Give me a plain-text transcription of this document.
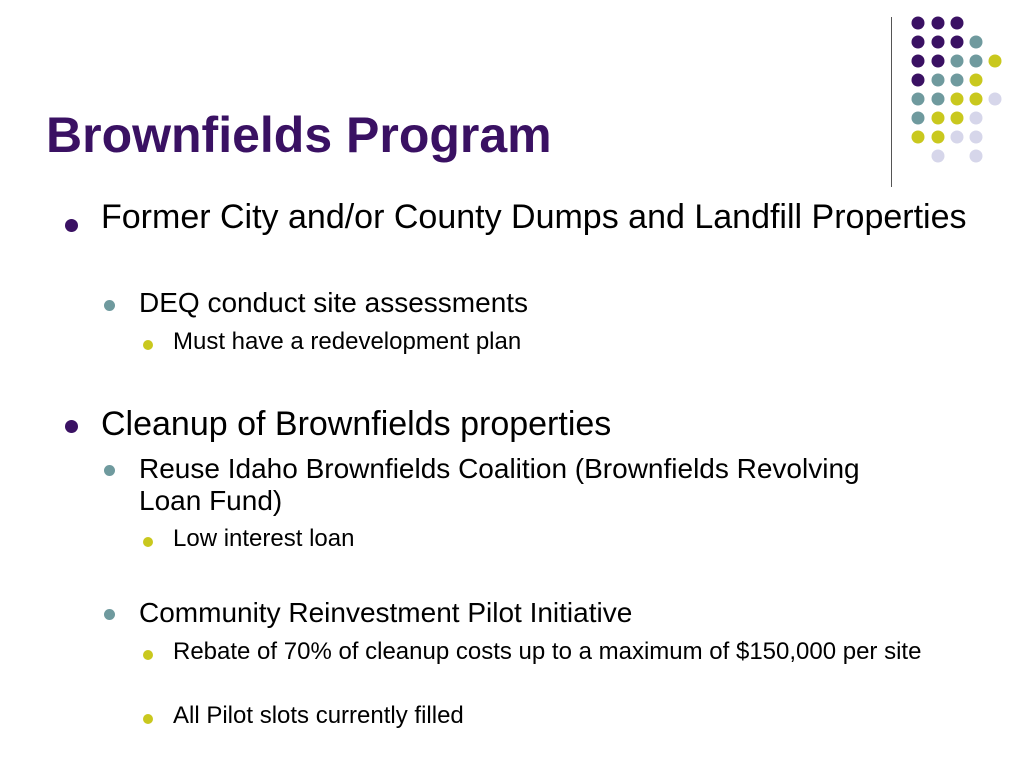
Brownfields Program

Former City and/or County Dumps and Landfill Properties

DEQ conduct site assessments

Must have a redevelopment plan

Cleanup of Brownfields properties

Reuse Idaho Brownfields Coalition (Brownfields Revolving Loan Fund)

Low interest loan

Community Reinvestment Pilot Initiative

Rebate of 70% of cleanup costs up to a maximum of $150,000 per site

All Pilot slots currently filled
